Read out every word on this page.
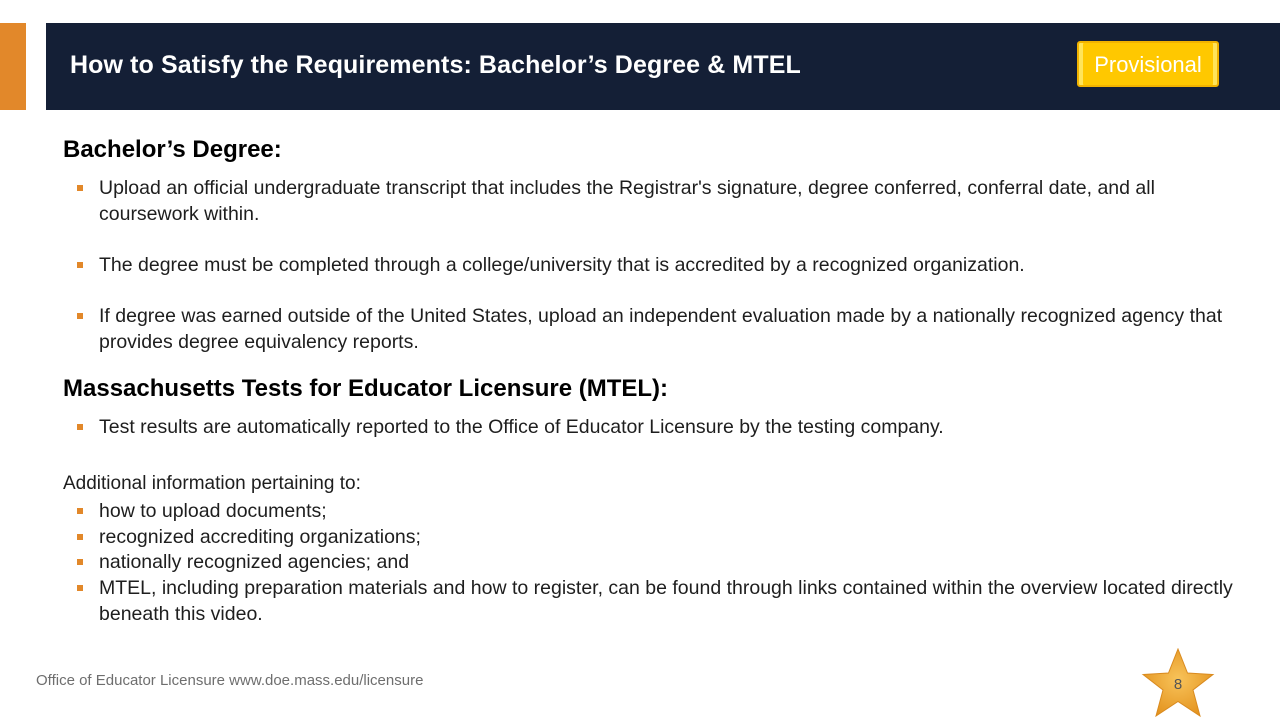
How to Satisfy the Requirements: Bachelor’s Degree & MTEL	Provisional
Bachelor’s Degree:
Upload an official undergraduate transcript that includes the Registrar's signature, degree conferred, conferral date, and all coursework within.
The degree must be completed through a college/university that is accredited by a recognized organization.
If degree was earned outside of the United States, upload an independent evaluation made by a nationally recognized agency that provides degree equivalency reports.
Massachusetts Tests for Educator Licensure (MTEL):
Test results are automatically reported to the Office of Educator Licensure by the testing company.
Additional information pertaining to:
how to upload documents;
recognized accrediting organizations;
nationally recognized agencies; and
MTEL, including preparation materials and how to register, can be found through links contained within the overview located directly beneath this video.
Office of Educator Licensure www.doe.mass.edu/licensure	8
